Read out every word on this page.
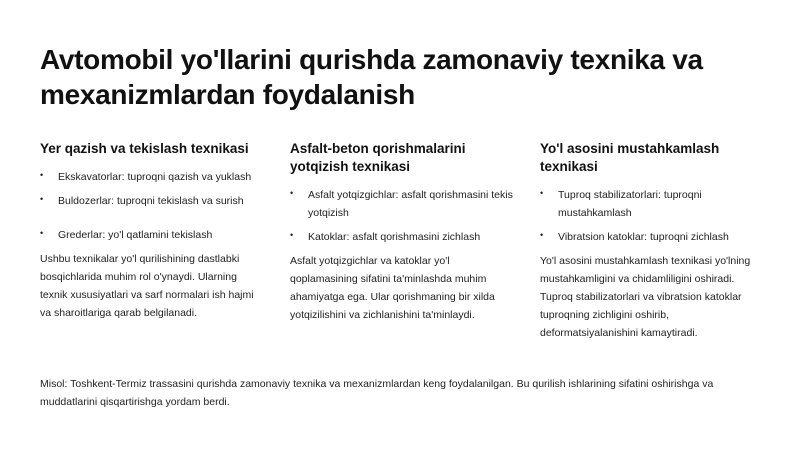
Avtomobil yo'llarini qurishda zamonaviy texnika va mexanizmlardan foydalanish
Yer qazish va tekislash texnikasi
• Ekskavatorlar: tuproqni qazish va yuklash
• Buldozerlar: tuproqni tekislash va surish
• Grederlar: yo'l qatlamini tekislash

Ushbu texnikalar yo'l qurilishining dastlabki bosqichlarida muhim rol o'ynaydi. Ularning texnik xususiyatlari va sarf normalari ish hajmi va sharoitlariga qarab belgilanadi.

Asfalt-beton qorishmalarini yotqizish texnikasi
• Asfalt yotqizgichlar: asfalt qorishmasini tekis yotqizish
• Katoklar: asfalt qorishmasini zichlash

Asfalt yotqizgichlar va katoklar yo'l qoplamasining sifatini ta'minlashda muhim ahamiyatga ega. Ular qorishmaning bir xilda yotqizilishini va zichlanishini ta'minlaydi.

Yo'l asosini mustahkamlash texnikasi
• Tuproq stabilizatorlari: tuproqni mustahkamlash
• Vibratsion katoklar: tuproqni zichlash

Yo'l asosini mustahkamlash texnikasi yo'lning mustahkamligini va chidamliligini oshiradi. Tuproq stabilizatorlari va vibratsion katoklar tuproqning zichligini oshirib, deformatsiyalanishini kamaytiradi.

Misol: Toshkent-Termiz trassasini qurishda zamonaviy texnika va mexanizmlardan keng foydalanilgan. Bu qurilish ishlarining sifatini oshirishga va muddatlarini qisqartirishga yordam berdi.
